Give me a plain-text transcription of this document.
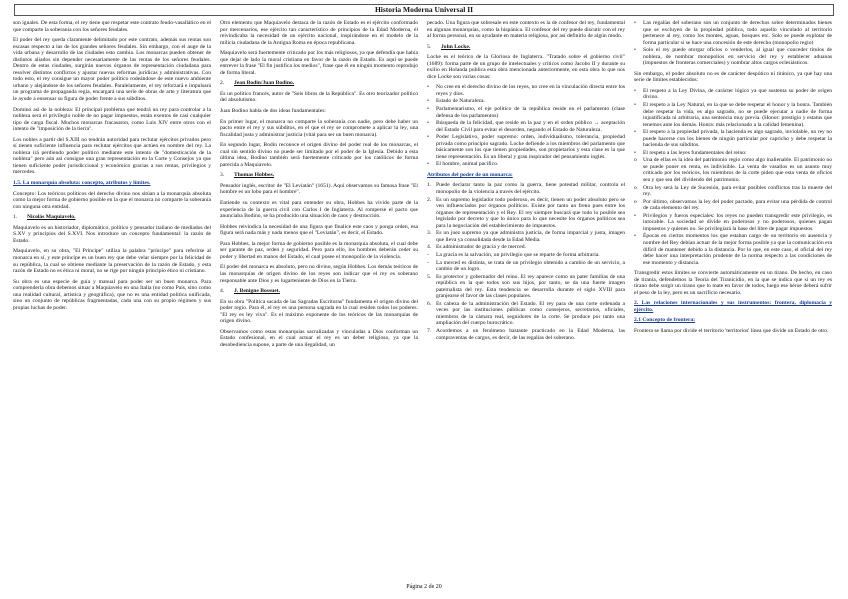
Historia Moderna Universal II

son iguales. De esta forma, el rey tiene que respetar este contrato feudo-vasallático en el que comparte la soberanía con los señores feudales.

El poder del rey queda claramente delimitado por este contrato, además sus rentas son escasas respecto a las de los grandes señores feudales. Sin embargo, con el auge de la vida urbana y desarrollo de las ciudades esto cambia. Los monarcas pueden obtener de distintos aliados sin depender necesariamente de las rentas de los señores feudales. Dentro de estas ciudades, surgirán nuevos órganos de representación ciudadana para resolver distintos conflictos y ajustar nuevas reformas jurídicas y administrativas. Con todo esto, el rey consigue un mayor poder político rodeándose de este nuevo ambiente urbano y alejándose de los señores feudales. Paralelamente, el rey reforzará e impulsará un programa de propaganda regia, encargará una serie de obras de arte y literatura que le ayude a ensensar su figura de poder frente a sus súbditos.

Dominó así de la nobleza: El principal problema que tendrá un rey para controlar a la nobleza será el privilegio noble de no pagar impuestos, están exentos de casi cualquier tipo de carga fiscal. Muchos monarcas fracasaron, como Luis XIV entre otros con el intento de "imposición de la tierra".

Los nobles a partir del S.XIII no tendrán autoridad para reclutar ejércitos privados pero sí tienen suficiente influencia para reclutar ejércitos que actúen en nombre del rey. La nobleza irá perdiendo poder político mediante este intento de "domesticación de la nobleza" pero aún así consigue una gran representación en la Corte y Consejos ya que tienen suficiente poder jurisdiccional y económico gracias a sus rentas, privilegios y mercedes.

1.5. La monarquía absoluta: concepto, atributos y límites.

Concepto: Los teóricos políticos del derecho divino nos sitúan a la monarquía absoluta como la mejor forma de gobierno posible en la que el monarca no comparte la soberanía con ninguna otra entidad.

1.	Nicolás Maquiavelo.

Maquiavelo es un historiador, diplomático, político y pensador italiano de mediados del S.XV y principios del S.XVI. Nos introduce un concepto fundamental: la razón de Estado.

Maquiavelo, en su obra, "El Príncipe" utiliza la palabra "príncipe" para referirse al monarca en sí, y este príncipe es un buen rey que debe velar siempre por la felicidad de su república, la cual se obtiene mediante la preservación de la razón de Estado, y esta razón de Estado no es ética ni moral, no se rige por ningún principio ético ni cristiano.

Su obra es una especie de guía y manual para poder ser un buen monarca. Para comprenderla obra debemos situar a Maquiavelo en una Italia (no como País, sino como una realidad cultural, artística y geográfica), que no es una entidad política unificada, sino un conjunto de repúblicas fragmentadas, cada una con su propio régimen y sus propias luchas de poder.

Otro elemento que Maquiavelo destaca de la razón de Estado es el ejército conformado por mercenarios, ese ejército tan característico de principios de la Edad Moderna, él reivindicaba la necesidad de un ejército nacional, inspirándose en el modelo de la milicia ciudadana de la Antigua Roma en época republicana.

Maquiavelo será fuertemente criticado por los más religiosos, ya que defendía que había que dejar de lado la moral cristiana en favor de la razón de Estado. Es aquí se puede entrever la frase "El fin justifica los medios", frase que él en ningún momento reprodujo de forma literal.

2.	Jean Bodin/Juan Bodino.

Es un político francés, autor de "Seis libros de la República". Es otro teorizador político del absolutismo.

Juan Bodino habla de dos ideas fundamentales:

En primer lugar, el monarca no comparte la soberanía con nadie, pero debe haber un pacto entre el rey y sus súbditos, en el que el rey se compromete a aplicar la ley, una fiscalidad justa y administrar justicia (vital para ser un buen monarca).

En segundo lugar, Bodin reconoce el origen divino del poder real de los monarcas, el cual sin sentido divino no puede ser limitado por el poder de la Iglesia. Debido a esta última idea, Bodino también será fuertemente criticado por los católicos de forma parecida a Maquiavelo.

3.	Thomas Hobbes.

Pensador inglés, escritor de "El Leviatán" (1651). Aquí observamos su famosa frase "El hombre es un lobo para el hombre".

Entiende su contexto es vital para entender su obra, Hobbes ha vivido parte de la experiencia de la guerra civil con Carlos I de Inglaterra. Al romperse el pacto que anunciaba Bodino, se ha producido una situación de caos y destrucción.

Hobbes reivindica la necesidad de una figura que finalice este caos y ponga orden, esa figura será nada más y nada menos que el "Leviatán", es decir, el Estado.

Para Hobbes, la mejor forma de gobierno posible es la monarquía absoluta, el cual debe ser garante de paz, orden y seguridad. Pero para ello, los hombres deberán ceder su poder y libertad en manos del Estado, el cual posee el monopolio de la violencia.

El poder del monarca es absoluto, pero no divino, según Hobbes. Los demás teóricos de las monarquías de origen divino de los reyes son indicar que el rey es soberano responsable ante Dios y es lugarteniente de Dios en la Tierra.

4.	J. Benigne Bossuet.

En su obra "Política sacada de las Sagradas Escrituras" fundamenta el origen divino del poder regio. Para él, el rey es una persona sagrada en la cual residen todos los poderes. "El rey es ley viva". Es el máximo exponente de los teóricos de las monarquías de origen divino.

Observamos como estas monarquías sacralizadas y vinculadas a Dios conforman un Estado confesional, en el cual actuar el rey es un deber religioso, ya que la desobediencia supone, a parte de una ilegalidad, un

pecado. Una figura que sobresale en este contexto es la de confesor del rey, fundamental en algunas monarquías, como la hispánica. El confesor del rey puede discutir con el rey al forma personal, en su ayudante en materia religiosa, por así definirlo de algún modo.

5.	John Locke.

Locke es el teórico de la Gloriosa de Inglaterra. "Tratado sobre el gobierno civil" (1689): forma parte de un grupo de intelectuales y críticos como Jacobo II y durante su exilio en Holanda publica esta obra mencionada anteriormente, en esta obra lo que nos dice Locke son varias cosas:

•	No cree en el derecho divino de los reyes, no cree en la vinculación directa entre los reyes y dios.
•	Estado de Naturaleza.
•	Parlamentarismo, el eje político de la república reside en el parlamento (clase defensa de los parlamentos)
•	Búsqueda de la felicidad, que reside en la paz y en el orden público → aceptación del Estado Civil para evitar el desorden, negando el Estado de Naturaleza.
•	Poder Legislativo, poder supremo: orden, individualismo, tolerancia, propiedad privada como principio sagrado. Locke defiende a los miembros del parlamento que básicamente son los que tienen propiedades, son propietarios y esta clase es la que tiene representación. Es un liberal y gran inspirador del pensamiento inglés.
•	El hombre, animal pacífico.
Atributos del poder de un monarca:
1. Puede declarar tanto la paz como la guerra, tiene potestad militar, controla el monopolio de la violencia a través del ejército.
2. Es un supremo legislador todo poderoso, es decir, tienen un poder absoluto pero se ven influenciados por órganos políticos. Existe por tanto un freno pues entre los órganos de representación y el Rey. El rey siempre buscará que todo lo posible sea legislado por decreto y que lo único para lo que necesite los órganos políticos sea para la negociación del establecimiento de impuestos.
3. Es un juez supremo ya que administra justicia, de forma imparcial y justa, imagen que lleva ya consolidada desde la Edad Media.
4. Es administrador de gracia y de merced.
-	La gracia es la salvación, un privilegio que se reparte de forma arbitraria.
-	La merced es distinta, se trata de un privilegio obtenido a cambio de un servicio, a cambio de un logro.
5. Es protector y gobernador del reino. El rey aparece como un pater familias de una república en la que todos son sus hijos, por tanto, se da una fuerte imagen paternalista del rey. Esta tendencia se desarrolla durante el siglo XVIII para granjearse el favor de las clases populares.
6. Es cabeza de la administración del Estado. El rey para de una corte ordenada a veces por las instituciones públicas como consejeros, secretarios, oficiales, miembros de la cámara real, seguidores de la corte. Se produce por tanto una ampliación del cuerpo burocrático.
7. Acordemos a un fenómeno bastante practicado en la Edad Moderna, las compraventas de cargos, es decir, de las regalías del soberano.
•	Las regalías del soberano son un conjunto de derechos sobre determinados bienes que se excluyen de la propiedad pública, todo aquello vinculado al territorio pertenece al rey, como los montes, aguas, bosques etc. Solo se puede explotar de forma particular si se hace una concesión de este derecho (monopolio regio)
•	Solo el rey puede otorgar oficios o venderlos, al igual que conceder títulos de nobleza, de nombrar monopolios en servicio del rey y establecer aduanas (impuestos de fronteras comerciales) y nombrar altos cargos eclesiásticos.

Sin embargo, el poder absoluto no es de carácter despótico ni tiránico, ya que hay una serie de límites establecidos:

•	El respeto a la Ley Divina, de carácter lógico ya que sustenta su poder de origen divino.
•	El respeto a la Ley Natural, en la que se debe respetar el honor y la honra. También debe respetar la vida, es algo sagrado, no se puede ejecutar a nadie de forma injustificada ni arbitraria, una sentencia muy previa. (Honor: prestigio y estatus que tenemos ante los demás. Honra: más relacionado a la calidad femenina).
•	El respeto a la propiedad privada, la hacienda es algo sagrado, inviolable, un rey no puede hacerse con los bienes de ningún particular por capricho y debe respetar la hacienda de sus súbditos.
•	El respeto a las leyes fundamentales del reino:
o	Una de ellas es la idea del patrimonio regio como algo inalienable. El patrimonio no se puede poner en renta, es indivisible. La venta de vasallos es un asunto muy criticado por los teóricos, los miembros de la corte piden que esta venta de oficios sea y que sea del dividendo del patrimonio.
o	Otra ley será la Ley de Sucesión, para evitar posibles conflictos tras la muerte del rey.
o	Por último, observamos la ley del poder pactado, para evitar una pérdida de control de cada elemento del rey.
•	Privilegios y fueros especiales: los reyes no pueden transgredir este privilegio, es intocable. La sociedad se divide en poderosos y no poderosos, quienes pagan impuestos y quienes no. Se privilegiará la base del libre de pagar impuestos.
•	Épocas en ciertos momentos los que estaban cargo de un territorio en ausencia y nombre del Rey debían actuar de la mejor forma posible ya que la comunicación era difícil de mantener debido a la distancia. Por lo que, en este caso, el oficial del rey debe hacer una interpretación prudente de la norma respecto a las condiciones de ese momento y distancia.

Transgredir estos límites se convierte automáticamente en un tirano. De hecho, en caso de tiranía, defendemos la Teoría del Tiranicidio, en la que se indica que si un rey es tirano debe surgir un tirano que lo mate en favor de todos, luego ese héroe deberá sufrir el peso de la ley, pero es un sacrificio necesario.

2. Las relaciones internacionales y sus instrumentos: frontera, diplomacia y ejército.
2.1 Concepto de frontera:

Frontera se llama por divide el territorio 'territorios' línea que divide un Estado de otro.

Página 2 de 20
